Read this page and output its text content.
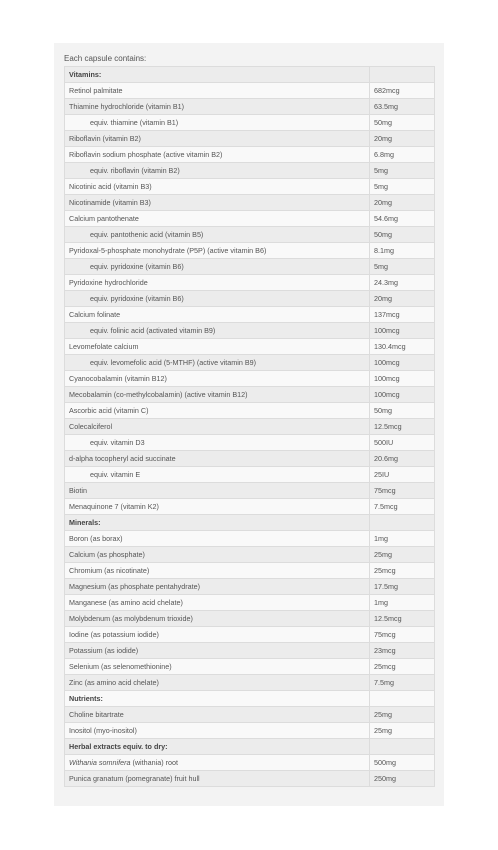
Each capsule contains:
Vitamins:	
Retinol palmitate	682mcg
Thiamine hydrochloride (vitamin B1)	63.5mg
equiv. thiamine (vitamin B1)	50mg
Riboflavin (vitamin B2)	20mg
Riboflavin sodium phosphate (active vitamin B2)	6.8mg
equiv. riboflavin (vitamin B2)	5mg
Nicotinic acid (vitamin B3)	5mg
Nicotinamide (vitamin B3)	20mg
Calcium pantothenate	54.6mg
equiv. pantothenic acid (vitamin B5)	50mg
Pyridoxal-5-phosphate monohydrate (P5P) (active vitamin B6)	8.1mg
equiv. pyridoxine (vitamin B6)	5mg
Pyridoxine hydrochloride	24.3mg
equiv. pyridoxine (vitamin B6)	20mg
Calcium folinate	137mcg
equiv. folinic acid (activated vitamin B9)	100mcg
Levomefolate calcium	130.4mcg
equiv. levomefolic acid (5-MTHF) (active vitamin B9)	100mcg
Cyanocobalamin (vitamin B12)	100mcg
Mecobalamin (co-methylcobalamin) (active vitamin B12)	100mcg
Ascorbic acid (vitamin C)	50mg
Colecalciferol	12.5mcg
equiv. vitamin D3	500IU
d-alpha tocopheryl acid succinate	20.6mg
equiv. vitamin E	25IU
Biotin	75mcg
Menaquinone 7 (vitamin K2)	7.5mcg
Minerals:	
Boron (as borax)	1mg
Calcium (as phosphate)	25mg
Chromium (as nicotinate)	25mcg
Magnesium (as phosphate pentahydrate)	17.5mg
Manganese (as amino acid chelate)	1mg
Molybdenum (as molybdenum trioxide)	12.5mcg
Iodine (as potassium iodide)	75mcg
Potassium (as iodide)	23mcg
Selenium (as selenomethionine)	25mcg
Zinc (as amino acid chelate)	7.5mg
Nutrients:	
Choline bitartrate	25mg
Inositol (myo-inositol)	25mg
Herbal extracts equiv. to dry:	
Withania somnifera (withania) root	500mg
Punica granatum (pomegranate) fruit hull	250mg
